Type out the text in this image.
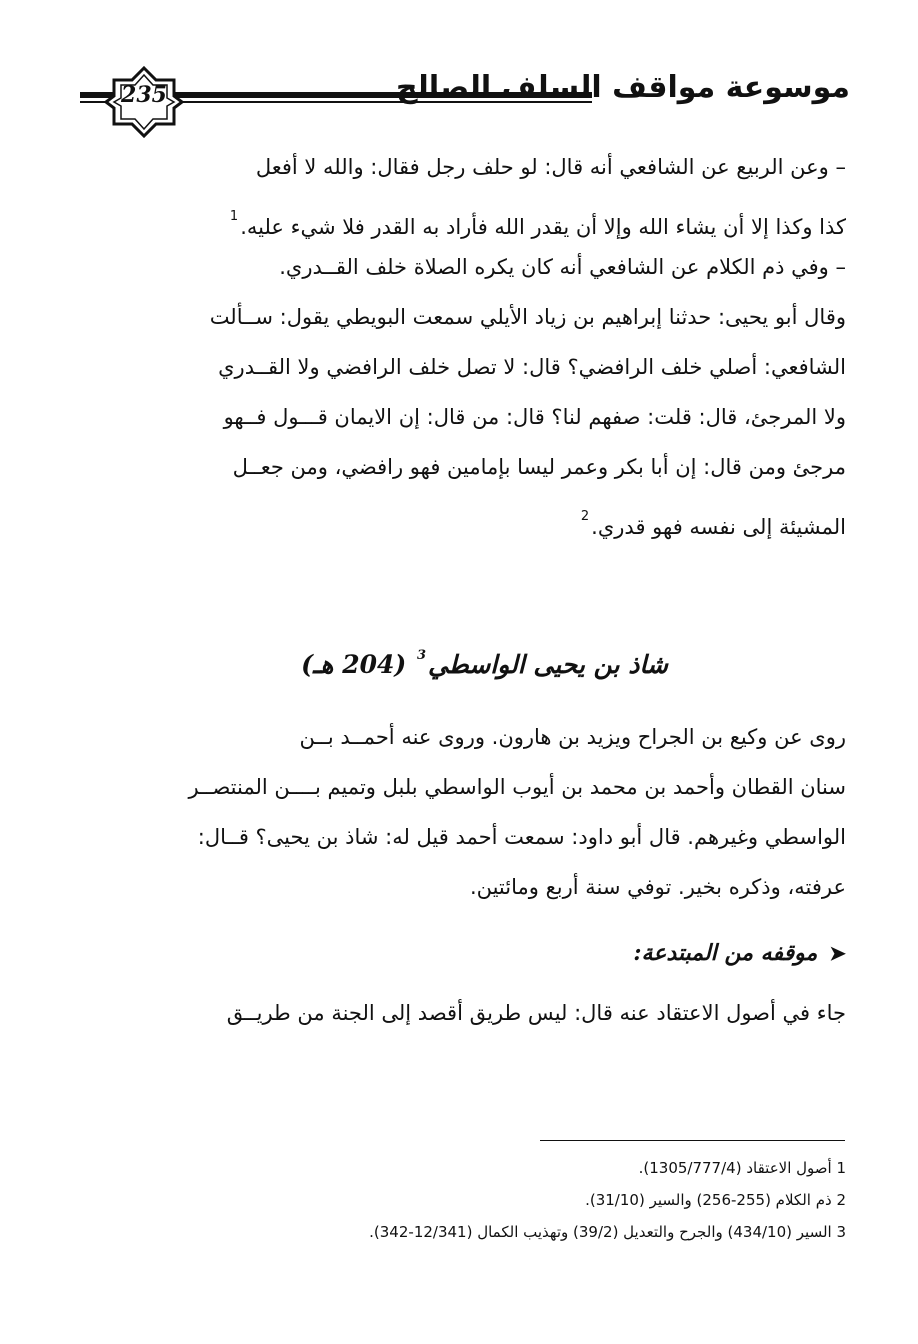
235	موسوعة مواقف السلف الصالح
– وعن الربيع عن الشافعي أنه قال: لو حلف رجل فقال: والله لا أفعل
كذا وكذا إلا أن يشاء الله وإلا أن يقدر الله فأراد به القدر فلا شيء عليه.$^1$
– وفي ذم الكلام عن الشافعي أنه كان يكره الصلاة خلف القــدري.
وقال أبو يحيى: حدثنا إبراهيم بن زياد الأيلي سمعت البويطي يقول: ســألت
الشافعي: أصلي خلف الرافضي؟ قال: لا تصل خلف الرافضي ولا القــدري
ولا المرجئ، قال: قلت: صفهم لنا؟ قال: من قال: إن الايمان قـــول فــهو
مرجئ ومن قال: إن أبا بكر وعمر ليسا بإمامين فهو رافضي، ومن جعــل
المشيئة إلى نفسه فهو قدري.$^2$
شاذ بن يحيى الواسطي$^3$ (204 هـ)
روى عن وكيع بن الجراح ويزيد بن هارون. وروى عنه أحمــد بــن
سنان القطان وأحمد بن محمد بن أيوب الواسطي بلبل وتميم بــــن المنتصــر
الواسطي وغيرهم. قال أبو داود: سمعت أحمد قيل له: شاذ بن يحيى؟ قــال:
عرفته، وذكره بخير. توفي سنة أربع ومائتين.
➤موقفه من المبتدعة:
جاء في أصول الاعتقاد عنه قال: ليس طريق أقصد إلى الجنة من طريــق
1 أصول الاعتقاد (1305/777/4).
2 ذم الكلام (255-256) والسير (31/10).
3 السير (434/10) والجرح والتعديل (39/2) وتهذيب الكمال (12/341-342).
